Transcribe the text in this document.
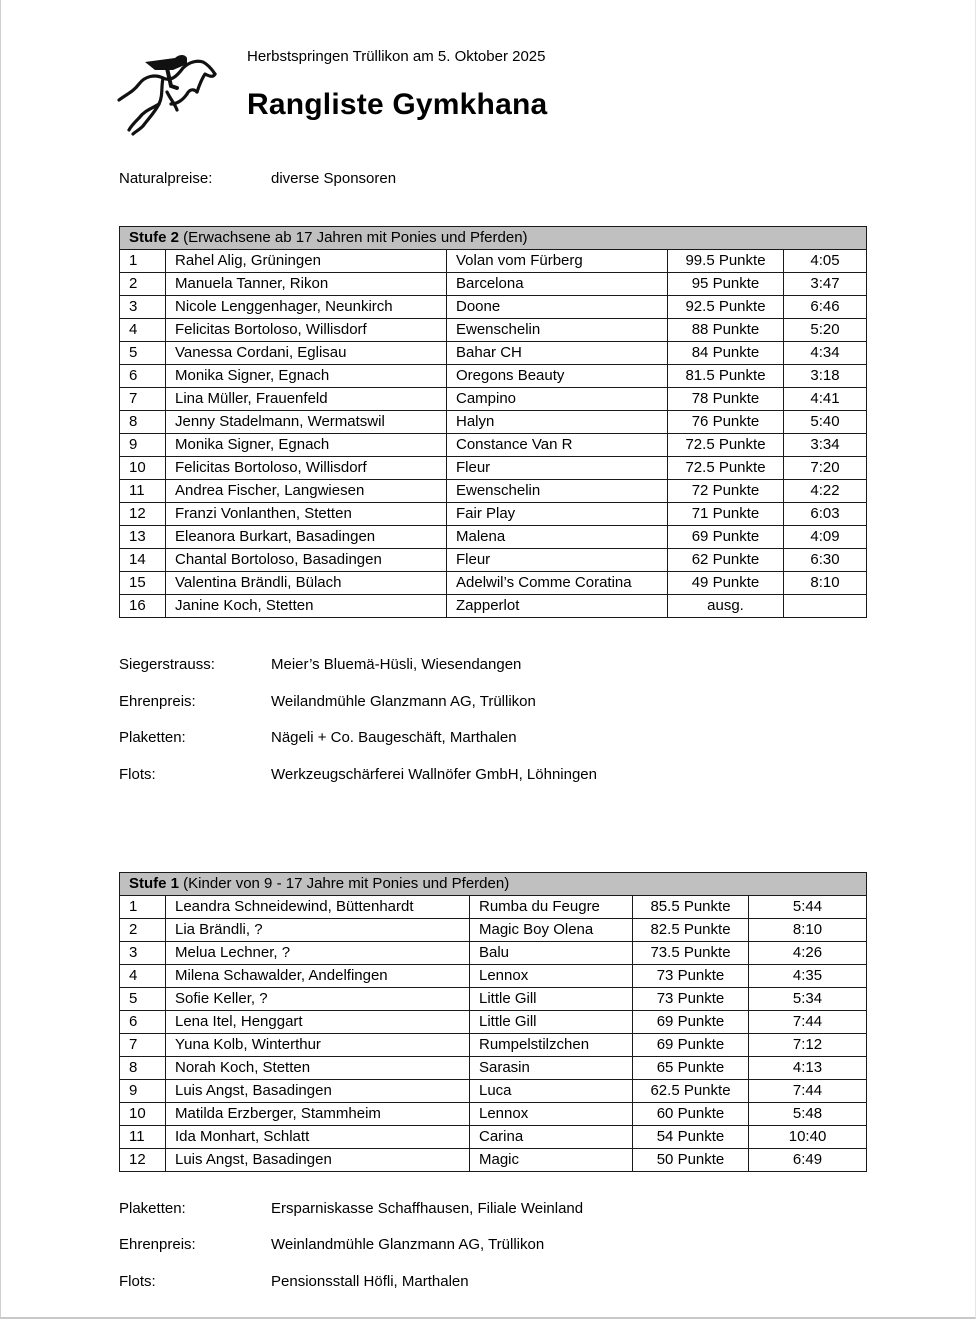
Herbstspringen Trüllikon am 5. Oktober 2025
Rangliste Gymkhana
Naturalpreise:	diverse Sponsoren
Stufe 2 (Erwachsene ab 17 Jahren mit Ponies und Pferden)				
1	Rahel Alig, Grüningen	Volan vom Fürberg	99.5 Punkte	4:05
2	Manuela Tanner, Rikon	Barcelona	95 Punkte	3:47
3	Nicole Lenggenhager, Neunkirch	Doone	92.5 Punkte	6:46
4	Felicitas Bortoloso, Willisdorf	Ewenschelin	88 Punkte	5:20
5	Vanessa Cordani, Eglisau	Bahar CH	84 Punkte	4:34
6	Monika Signer, Egnach	Oregons Beauty	81.5 Punkte	3:18
7	Lina Müller, Frauenfeld	Campino	78 Punkte	4:41
8	Jenny Stadelmann, Wermatswil	Halyn	76 Punkte	5:40
9	Monika Signer, Egnach	Constance Van R	72.5 Punkte	3:34
10	Felicitas Bortoloso, Willisdorf	Fleur	72.5 Punkte	7:20
11	Andrea Fischer, Langwiesen	Ewenschelin	72 Punkte	4:22
12	Franzi Vonlanthen, Stetten	Fair Play	71 Punkte	6:03
13	Eleanora Burkart, Basadingen	Malena	69 Punkte	4:09
14	Chantal Bortoloso, Basadingen	Fleur	62 Punkte	6:30
15	Valentina Brändli, Bülach	Adelwil’s Comme Coratina	49 Punkte	8:10
16	Janine Koch, Stetten	Zapperlot	ausg.	
Siegerstrauss:	Meier’s Bluemä-Hüsli, Wiesendangen
Ehrenpreis:	Weilandmühle Glanzmann AG, Trüllikon
Plaketten:	Nägeli + Co. Baugeschäft, Marthalen
Flots:	Werkzeugschärferei Wallnöfer GmbH, Löhningen
Stufe 1 (Kinder von 9 - 17 Jahre mit Ponies und Pferden)				
1	Leandra Schneidewind, Büttenhardt	Rumba du Feugre	85.5 Punkte	5:44
2	Lia Brändli, ?	Magic Boy Olena	82.5 Punkte	8:10
3	Melua Lechner, ?	Balu	73.5 Punkte	4:26
4	Milena Schawalder, Andelfingen	Lennox	73 Punkte	4:35
5	Sofie Keller, ?	Little Gill	73 Punkte	5:34
6	Lena Itel, Henggart	Little Gill	69 Punkte	7:44
7	Yuna Kolb, Winterthur	Rumpelstilzchen	69 Punkte	7:12
8	Norah Koch, Stetten	Sarasin	65 Punkte	4:13
9	Luis Angst, Basadingen	Luca	62.5 Punkte	7:44
10	Matilda Erzberger, Stammheim	Lennox	60 Punkte	5:48
11	Ida Monhart, Schlatt	Carina	54 Punkte	10:40
12	Luis Angst, Basadingen	Magic	50 Punkte	6:49
Plaketten:	Ersparniskasse Schaffhausen, Filiale Weinland
Ehrenpreis:	Weinlandmühle Glanzmann AG, Trüllikon
Flots:	Pensionsstall Höfli, Marthalen
